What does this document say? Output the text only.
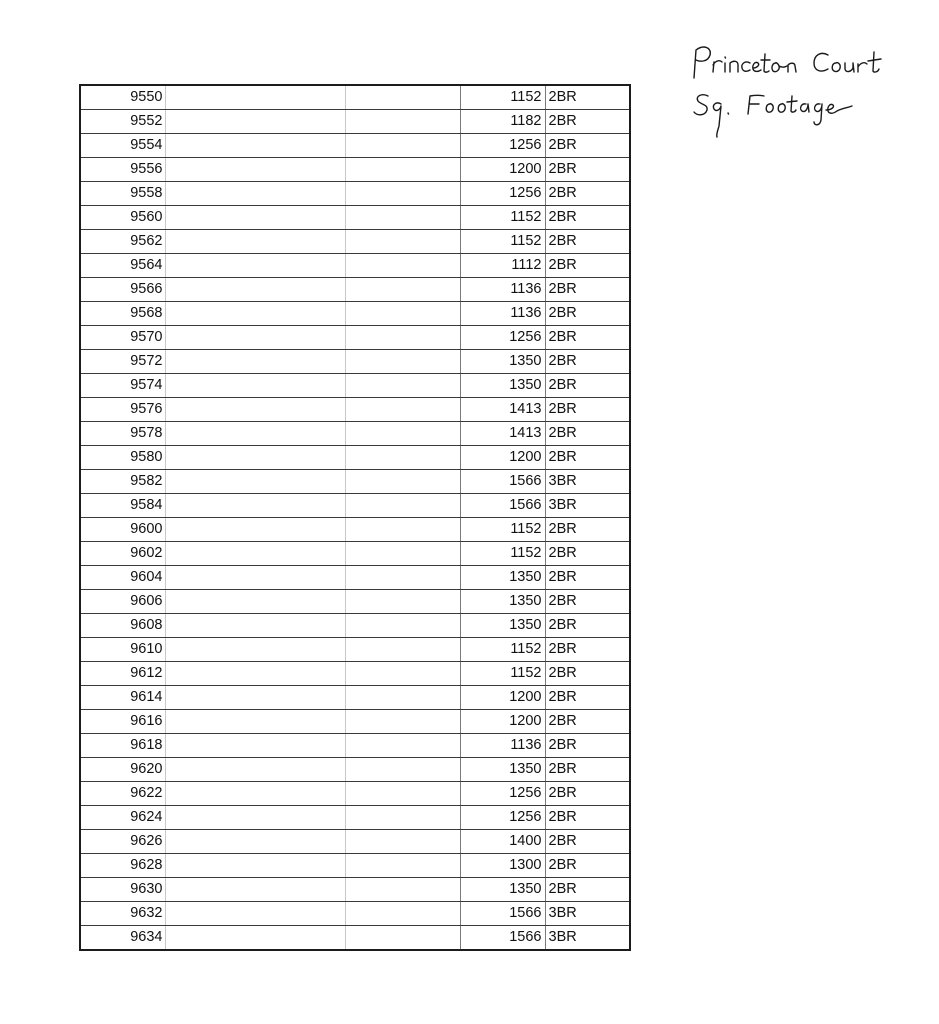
9550			1152	2BR
9552			1182	2BR
9554			1256	2BR
9556			1200	2BR
9558			1256	2BR
9560			1152	2BR
9562			1152	2BR
9564			1112	2BR
9566			1136	2BR
9568			1136	2BR
9570			1256	2BR
9572			1350	2BR
9574			1350	2BR
9576			1413	2BR
9578			1413	2BR
9580			1200	2BR
9582			1566	3BR
9584			1566	3BR
9600			1152	2BR
9602			1152	2BR
9604			1350	2BR
9606			1350	2BR
9608			1350	2BR
9610			1152	2BR
9612			1152	2BR
9614			1200	2BR
9616			1200	2BR
9618			1136	2BR
9620			1350	2BR
9622			1256	2BR
9624			1256	2BR
9626			1400	2BR
9628			1300	2BR
9630			1350	2BR
9632			1566	3BR
9634			1566	3BR
